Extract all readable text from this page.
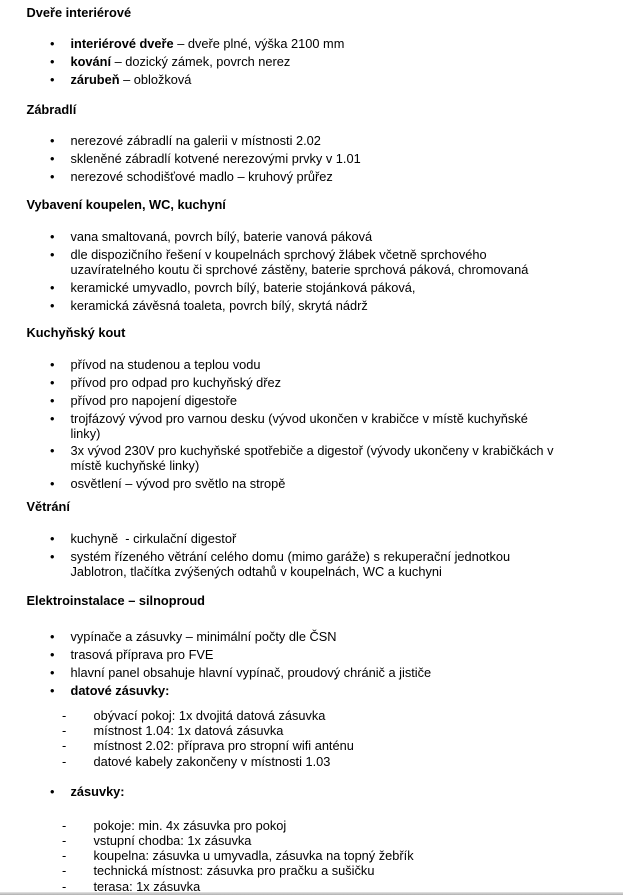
Dveře interiérové
• interiérové dveře – dveře plné, výška 2100 mm
• kování – dozický zámek, povrch nerez
• zárubeň – obložková
Zábradlí
• nerezové zábradlí na galerii v místnosti 2.02
• skleněné zábradlí kotvené nerezovými prvky v 1.01
• nerezové schodišťové madlo – kruhový průřez
Vybavení koupelen, WC, kuchyní
• vana smaltovaná, povrch bílý, baterie vanová páková
• dle dispozičního řešení v koupelnách sprchový žlábek včetně sprchového
uzavíratelného koutu či sprchové zástěny, baterie sprchová páková, chromovaná
• keramické umyvadlo, povrch bílý, baterie stojánková páková,
• keramická závěsná toaleta, povrch bílý, skrytá nádrž
Kuchyňský kout
• přívod na studenou a teplou vodu
• přívod pro odpad pro kuchyňský dřez
• přívod pro napojení digestoře
• trojfázový vývod pro varnou desku (vývod ukončen v krabičce v místě kuchyňské
linky)
• 3x vývod 230V pro kuchyňské spotřebiče a digestoř (vývody ukončeny v krabičkách v
místě kuchyňské linky)
• osvětlení – vývod pro světlo na stropě
Větrání
• kuchyně  - cirkulační digestoř
• systém řízeného větrání celého domu (mimo garáže) s rekuperační jednotkou
Jablotron, tlačítka zvýšených odtahů v koupelnách, WC a kuchyni
Elektroinstalace – silnoproud
• vypínače a zásuvky – minimální počty dle ČSN
• trasová příprava pro FVE
• hlavní panel obsahuje hlavní vypínač, proudový chránič a jističe
• datové zásuvky:
- obývací pokoj: 1x dvojitá datová zásuvka
- místnost 1.04: 1x datová zásuvka
- místnost 2.02: příprava pro stropní wifi anténu
- datové kabely zakončeny v místnosti 1.03
• zásuvky:
- pokoje: min. 4x zásuvka pro pokoj
- vstupní chodba: 1x zásuvka
- koupelna: zásuvka u umyvadla, zásuvka na topný žebřík
- technická místnost: zásuvka pro pračku a sušičku
- terasa: 1x zásuvka
